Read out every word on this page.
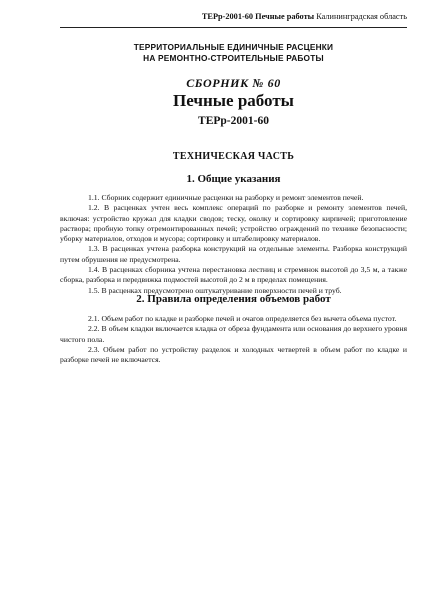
ТЕРр-2001-60 Печные работы Калининградская область
ТЕРРИТОРИАЛЬНЫЕ ЕДИНИЧНЫЕ РАСЦЕНКИ
НА РЕМОНТНО-СТРОИТЕЛЬНЫЕ РАБОТЫ
СБОРНИК № 60
Печные работы
ТЕРр-2001-60
ТЕХНИЧЕСКАЯ ЧАСТЬ
1. Общие указания

1.1. Сборник содержит единичные расценки на разборку и ремонт элементов печей.

1.2. В расценках учтен весь комплекс операций по разборке и ремонту элементов печей, включая: устройство кружал для кладки сводов; теску, околку и сортировку кирпичей; приготовление раствора; пробную топку отремонтированных печей; устройство ограждений по технике безопасности; уборку материалов, отходов и мусора; сортировку и штабелировку материалов.

1.3. В расценках учтена разборка конструкций на отдельные элементы. Разборка конструкций путем обрушения не предусмотрена.

1.4. В расценках сборника учтена перестановка лестниц и стремянок высотой до 3,5 м, а также сборка, разборка и передвижка подмостей высотой до 2 м в пределах помещения.

1.5. В расценках предусмотрено оштукатуривание поверхности печей и труб.

2. Правила определения объемов работ

2.1. Объем работ по кладке и разборке печей и очагов определяется без вычета объема пустот.

2.2. В объем кладки включается кладка от обреза фундамента или основания до верхнего уровня чистого пола.

2.3. Объем работ по устройству разделок и холодных четвертей в объем работ по кладке и разборке печей не включается.
